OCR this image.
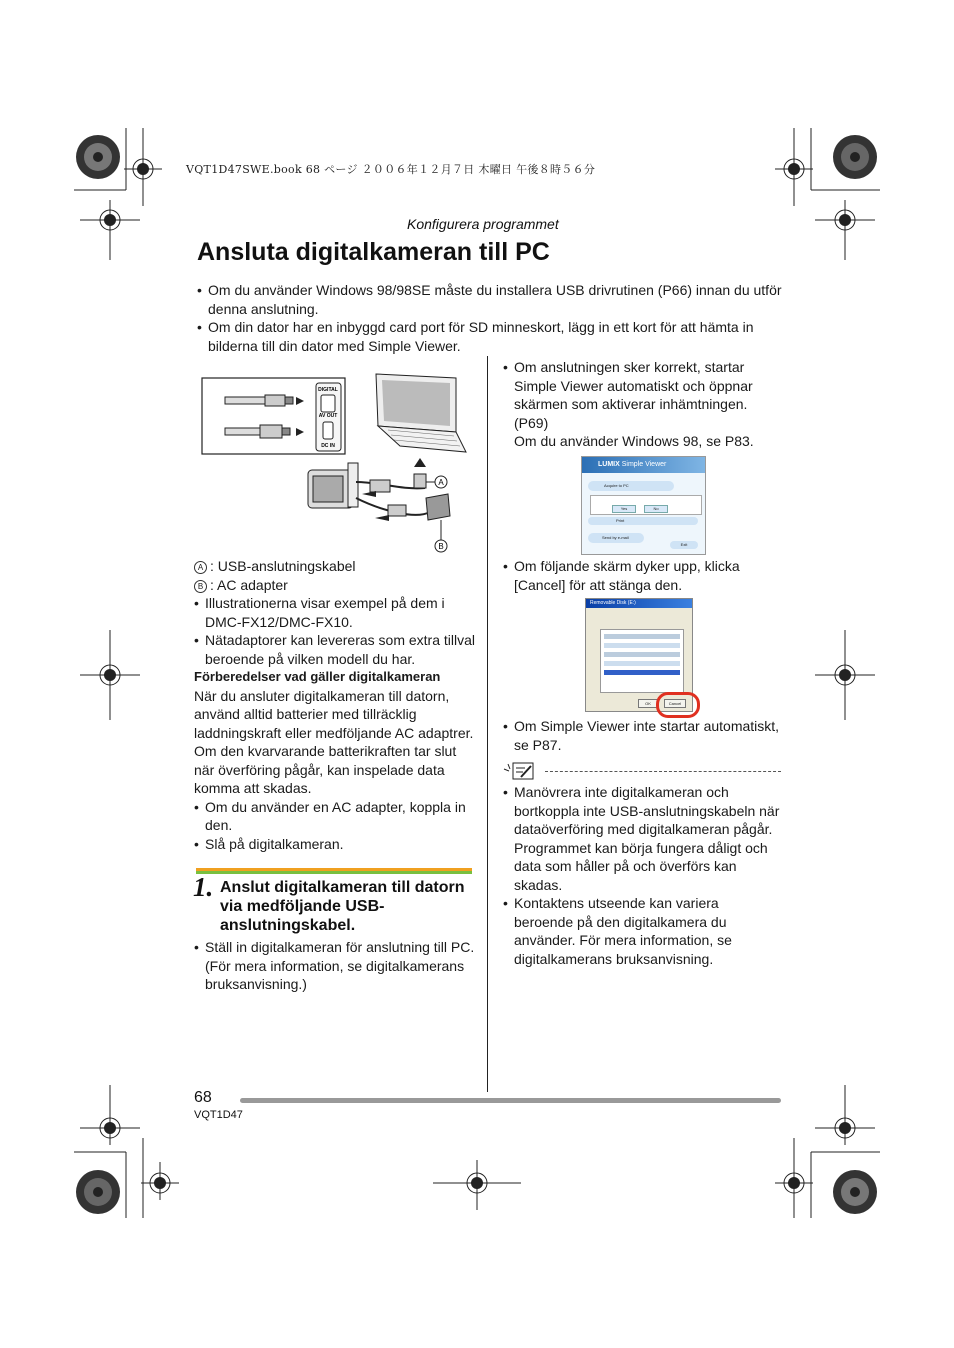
VQT1D47SWE.book 68 ページ ２００６年１２月７日 木曜日 午後８時５６分
Konfigurera programmet
Ansluta digitalkameran till PC
• Om du använder Windows 98/98SE måste du installera USB drivrutinen (P66) innan du utför denna anslutning.
• Om din dator har en inbyggd card port för SD minneskort, lägg in ett kort för att hämta in bilderna till din dator med Simple Viewer.
DIGITAL
AV OUT
DC IN
A
B
A : USB-anslutningskabel
B : AC adapter
• Illustrationerna visar exempel på dem i DMC-FX12/DMC-FX10.
• Nätadaptorer kan levereras som extra tillval beroende på vilken modell du har.
Förberedelser vad gäller digitalkameran
När du ansluter digitalkameran till datorn, använd alltid batterier med tillräcklig laddningskraft eller medföljande AC adaptrer. Om den kvarvarande batterikraften tar slut när överföring pågår, kan inspelade data komma att skadas.
• Om du använder en AC adapter, koppla in den.
• Slå på digitalkameran.
1. Anslut digitalkameran till datorn via medföljande USB-anslutningskabel.
• Ställ in digitalkameran för anslutning till PC. (För mera information, se digitalkamerans bruksanvisning.)
• Om anslutningen sker korrekt, startar Simple Viewer automatiskt och öppnar skärmen som aktiverar inhämtningen. (P69)
Om du använder Windows 98, se P83.
LUMIX Simple Viewer
Acquire to PC
Yes	No
Print
Send by e-mail
Exit
• Om följande skärm dyker upp, klicka [Cancel] för att stänga den.
Removable Disk (E:)
OK	Cancel
• Om Simple Viewer inte startar automatiskt, se P87.
• Manövrera inte digitalkameran och bortkoppla inte USB-anslutningskabeln när dataöverföring med digitalkameran pågår. Programmet kan börja fungera dåligt och data som håller på och överförs kan skadas.
• Kontaktens utseende kan variera beroende på den digitalkamera du använder. För mera information, se digitalkamerans bruksanvisning.
68
VQT1D47
